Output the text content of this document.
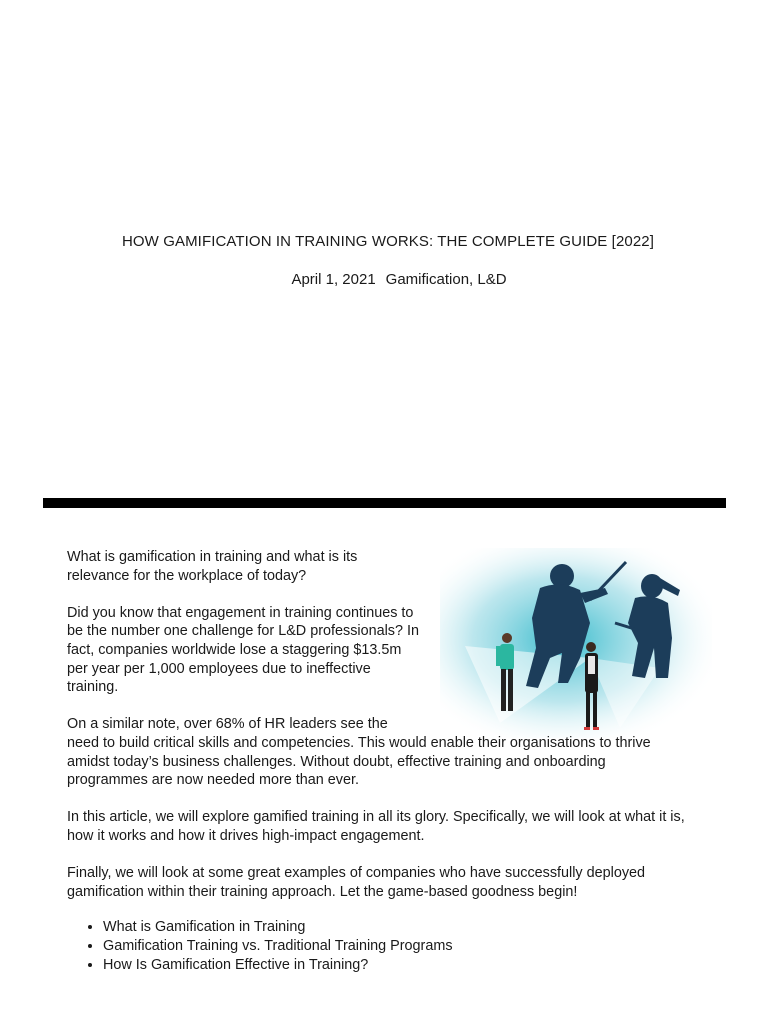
HOW GAMIFICATION IN TRAINING WORKS: THE COMPLETE GUIDE [2022]
April 1, 2021 Gamification, L&D

What is gamification in training and what is its relevance for the workplace of today?

Did you know that engagement in training continues to be the number one challenge for L&D professionals? In fact, companies worldwide lose a staggering $13.5m per year per 1,000 employees due to ineffective training.

On a similar note, over 68% of HR leaders see the
need to build critical skills and competencies. This would enable their organisations to thrive amidst today’s business challenges. Without doubt, effective training and onboarding programmes are now needed more than ever.

In this article, we will explore gamified training in all its glory. Specifically, we will look at what it is, how it works and how it drives high-impact engagement.

Finally, we will look at some great examples of companies who have successfully deployed gamification within their training approach. Let the game-based goodness begin!

• What is Gamification in Training
• Gamification Training vs. Traditional Training Programs
• How Is Gamification Effective in Training?
